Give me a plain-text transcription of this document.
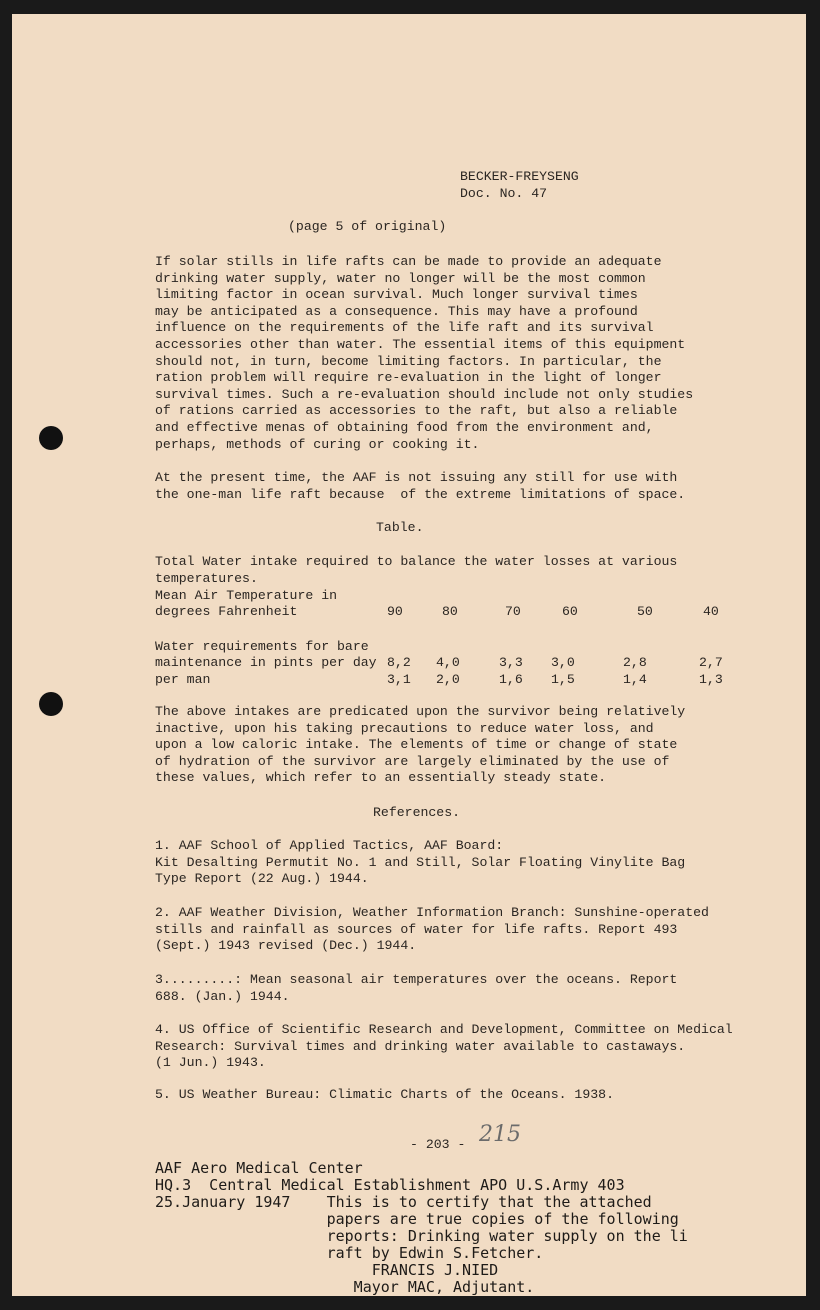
BECKER-FREYSENG
Doc. No. 47
(page 5 of original)
If solar stills in life rafts can be made to provide an adequate
drinking water supply, water no longer will be the most common
limiting factor in ocean survival. Much longer survival times
may be anticipated as a consequence. This may have a profound
influence on the requirements of the life raft and its survival
accessories other than water. The essential items of this equipment
should not, in turn, become limiting factors. In particular, the
ration problem will require re-evaluation in the light of longer
survival times. Such a re-evaluation should include not only studies
of rations carried as accessories to the raft, but also a reliable
and effective menas of obtaining food from the environment and,
perhaps, methods of curing or cooking it.
At the present time, the AAF is not issuing any still for use with
the one-man life raft because  of the extreme limitations of space.
Table.
Total Water intake required to balance the water losses at various
temperatures.
Mean Air Temperature in
degrees Fahrenheit	90	80	70	60	50	40
Water requirements for bare
maintenance in pints per day 8,2 4,0	3,3 3,0	2,8	2,7
per man	3,1 2,0	1,6 1,5	1,4	1,3
The above intakes are predicated upon the survivor being relatively
inactive, upon his taking precautions to reduce water loss, and
upon a low caloric intake. The elements of time or change of state
of hydration of the survivor are largely eliminated by the use of
these values, which refer to an essentially steady state.
References.
1. AAF School of Applied Tactics, AAF Board:
Kit Desalting Permutit No. 1 and Still, Solar Floating Vinylite Bag
Type Report (22 Aug.) 1944.
2. AAF Weather Division, Weather Information Branch: Sunshine-operated
stills and rainfall as sources of water for life rafts. Report 493
(Sept.) 1943 revised (Dec.) 1944.
3.........: Mean seasonal air temperatures over the oceans. Report
688. (Jan.) 1944.
4. US Office of Scientific Research and Development, Committee on Medical
Research: Survival times and drinking water available to castaways.
(1 Jun.) 1943.
5. US Weather Bureau: Climatic Charts of the Oceans. 1938.
- 203 - 215
AAF Aero Medical Center
HQ.3  Central Medical Establishment APO U.S.Army 403
25.January 1947    This is to certify that the attached
papers are true copies of the following
reports: Drinking water supply on the li
raft by Edwin S.Fetcher.
FRANCIS J.NIED
Mayor MAC, Adjutant.
